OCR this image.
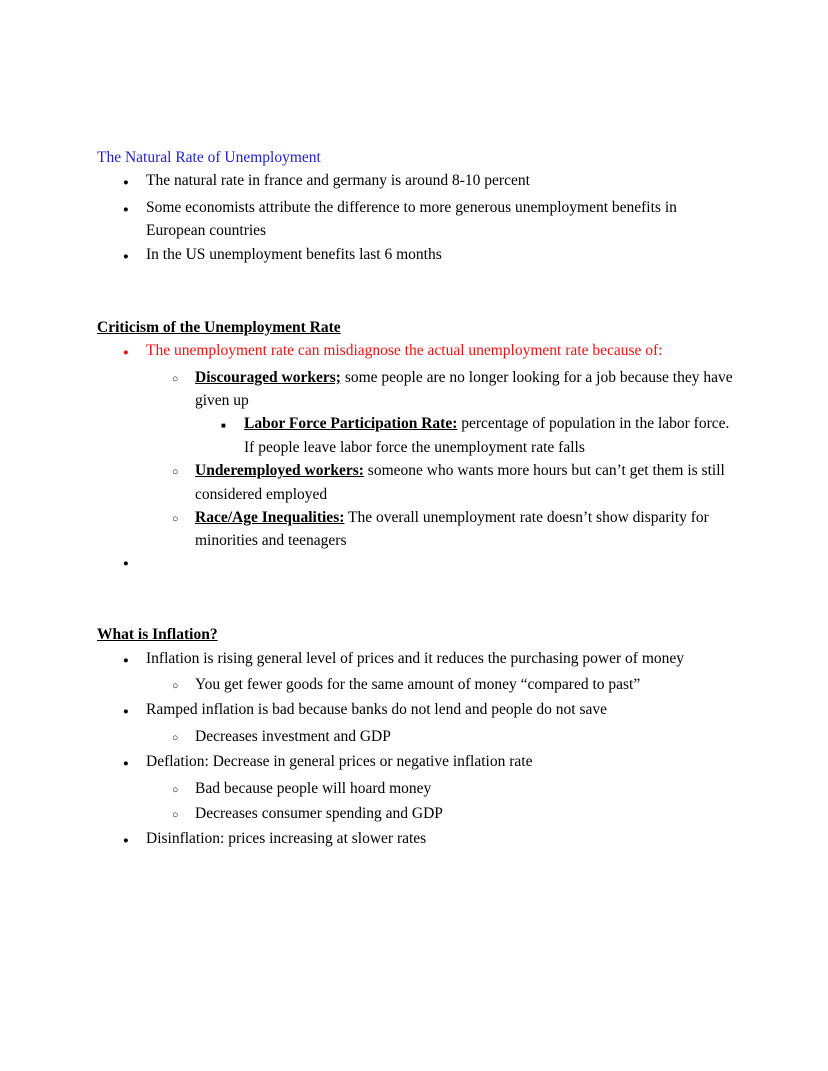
The Natural Rate of Unemployment
●	The natural rate in france and germany is around 8-10 percent
●	Some economists attribute the difference to more generous unemployment benefits in European countries
●	In the US unemployment benefits last 6 months
Criticism of the Unemployment Rate
●	The unemployment rate can misdiagnose the actual unemployment rate because of:
○	Discouraged workers; some people are no longer looking for a job because they have given up
■	Labor Force Participation Rate: percentage of population in the labor force. If people leave labor force the unemployment rate falls
○	Underemployed workers: someone who wants more hours but can’t get them is still considered employed
○	Race/Age Inequalities: The overall unemployment rate doesn’t show disparity for minorities and teenagers
●
What is Inflation?
●	Inflation is rising general level of prices and it reduces the purchasing power of money
○	You get fewer goods for the same amount of money “compared to past”
●	Ramped inflation is bad because banks do not lend and people do not save
○	Decreases investment and GDP
●	Deflation: Decrease in general prices or negative inflation rate
○	Bad because people will hoard money
○	Decreases consumer spending and GDP
●	Disinflation: prices increasing at slower rates
